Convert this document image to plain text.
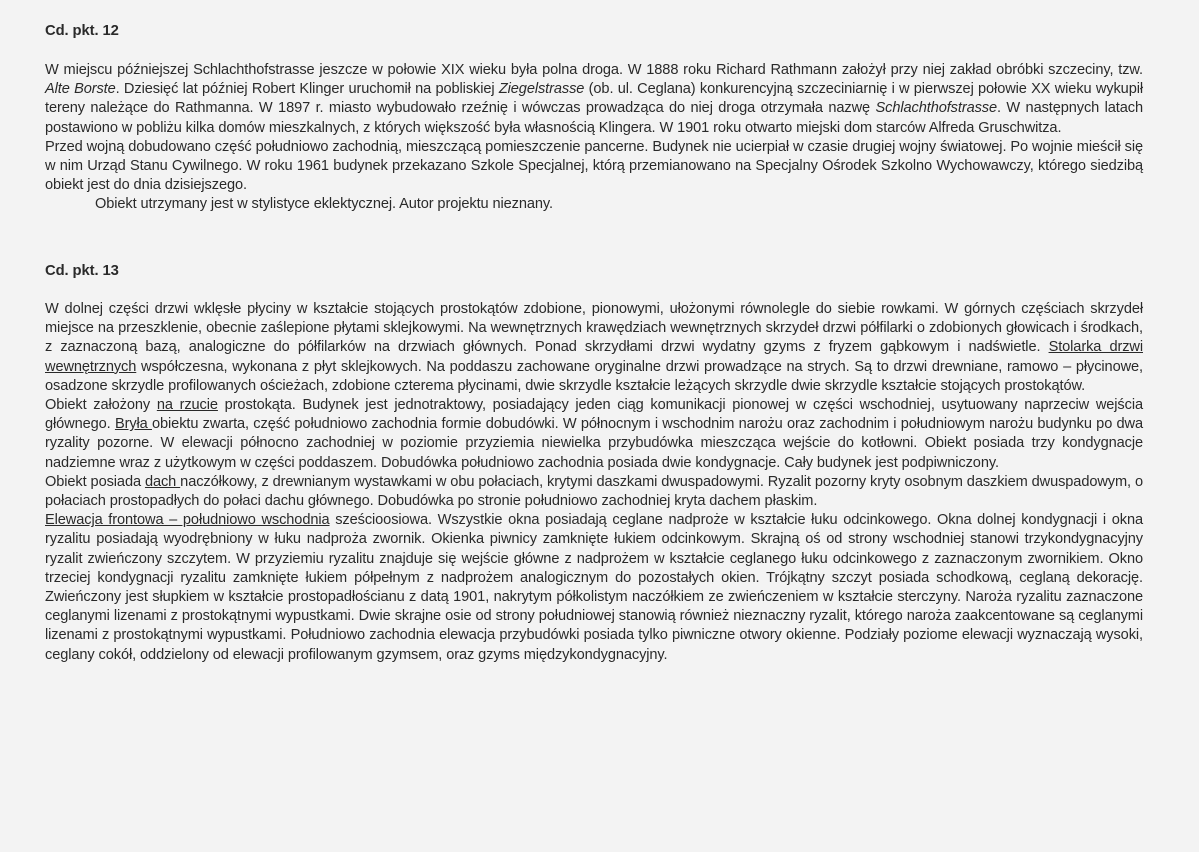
Cd. pkt. 12

W miejscu późniejszej Schlachthofstrasse jeszcze w połowie XIX wieku była polna droga. W 1888 roku Richard Rathmann założył przy niej zakład obróbki szczeciny, tzw. Alte Borste. Dziesięć lat później Robert Klinger uruchomił na pobliskiej Ziegelstrasse (ob. ul. Ceglana) konkurencyjną szczeciniarnię i w pierwszej połowie XX wieku wykupił tereny należące do Rathmanna. W 1897 r. miasto wybudowało rzeźnię i wówczas prowadząca do niej droga otrzymała nazwę Schlachthofstrasse. W następnych latach postawiono w pobliżu kilka domów mieszkalnych, z których większość była własnością Klingera. W 1901 roku otwarto miejski dom starców Alfreda Gruschwitza.

Przed wojną dobudowano część południowo zachodnią, mieszczącą pomieszczenie pancerne. Budynek nie ucierpiał w czasie drugiej wojny światowej. Po wojnie mieścił się w nim Urząd Stanu Cywilnego. W roku 1961 budynek przekazano Szkole Specjalnej, którą przemianowano na Specjalny Ośrodek Szkolno Wychowawczy, którego siedzibą obiekt jest do dnia dzisiejszego.

Obiekt utrzymany jest w stylistyce eklektycznej. Autor projektu nieznany.

Cd. pkt. 13

W dolnej części drzwi wklęsłe płyciny w kształcie stojących prostokątów zdobione, pionowymi, ułożonymi równolegle do siebie rowkami. W górnych częściach skrzydeł miejsce na przeszklenie, obecnie zaślepione płytami sklejkowymi. Na wewnętrznych krawędziach wewnętrznych skrzydeł drzwi półfilarki o zdobionych głowicach i środkach, z zaznaczoną bazą, analogiczne do półfilarków na drzwiach głównych. Ponad skrzydłami drzwi wydatny gzyms z fryzem gąbkowym i nadświetle. Stolarka drzwi wewnętrznych współczesna, wykonana z płyt sklejkowych. Na poddaszu zachowane oryginalne drzwi prowadzące na strych. Są to drzwi drewniane, ramowo – płycinowe, osadzone skrzydle profilowanych ościeżach, zdobione czterema płycinami, dwie skrzydle kształcie leżących skrzydle dwie skrzydle kształcie stojących prostokątów.

Obiekt założony na rzucie prostokąta. Budynek jest jednotraktowy, posiadający jeden ciąg komunikacji pionowej w części wschodniej, usytuowany naprzeciw wejścia głównego. Bryła obiektu zwarta, część południowo zachodnia formie dobudówki. W północnym i wschodnim narożu oraz zachodnim i południowym narożu budynku po dwa ryzality pozorne. W elewacji północno zachodniej w poziomie przyziemia niewielka przybudówka mieszcząca wejście do kotłowni. Obiekt posiada trzy kondygnacje nadziemne wraz z użytkowym w części poddaszem. Dobudówka południowo zachodnia posiada dwie kondygnacje. Cały budynek jest podpiwniczony.

Obiekt posiada dach naczółkowy, z drewnianym wystawkami w obu połaciach, krytymi daszkami dwuspadowymi. Ryzalit pozorny kryty osobnym daszkiem dwuspadowym, o połaciach prostopadłych do połaci dachu głównego. Dobudówka po stronie południowo zachodniej kryta dachem płaskim.

Elewacja frontowa – południowo wschodnia sześcioosiowa. Wszystkie okna posiadają ceglane nadproże w kształcie łuku odcinkowego. Okna dolnej kondygnacji i okna ryzalitu posiadają wyodrębniony w łuku nadproża zwornik. Okienka piwnicy zamknięte łukiem odcinkowym. Skrajną oś od strony wschodniej stanowi trzykondygnacyjny ryzalit zwieńczony szczytem. W przyziemiu ryzalitu znajduje się wejście główne z nadprożem w kształcie ceglanego łuku odcinkowego z zaznaczonym zwornikiem. Okno trzeciej kondygnacji ryzalitu zamknięte łukiem półpełnym z nadprożem analogicznym do pozostałych okien. Trójkątny szczyt posiada schodkową, ceglaną dekorację. Zwieńczony jest słupkiem w kształcie prostopadłościanu z datą 1901, nakrytym półkolistym naczółkiem ze zwieńczeniem w kształcie sterczyny. Naroża ryzalitu zaznaczone ceglanymi lizenami z prostokątnymi wypustkami. Dwie skrajne osie od strony południowej stanowią również nieznaczny ryzalit, którego naroża zaakcentowane są ceglanymi lizenami z prostokątnymi wypustkami. Południowo zachodnia elewacja przybudówki posiada tylko piwniczne otwory okienne. Podziały poziome elewacji wyznaczają wysoki, ceglany cokół, oddzielony od elewacji profilowanym gzymsem, oraz gzyms międzykondygnacyjny.
